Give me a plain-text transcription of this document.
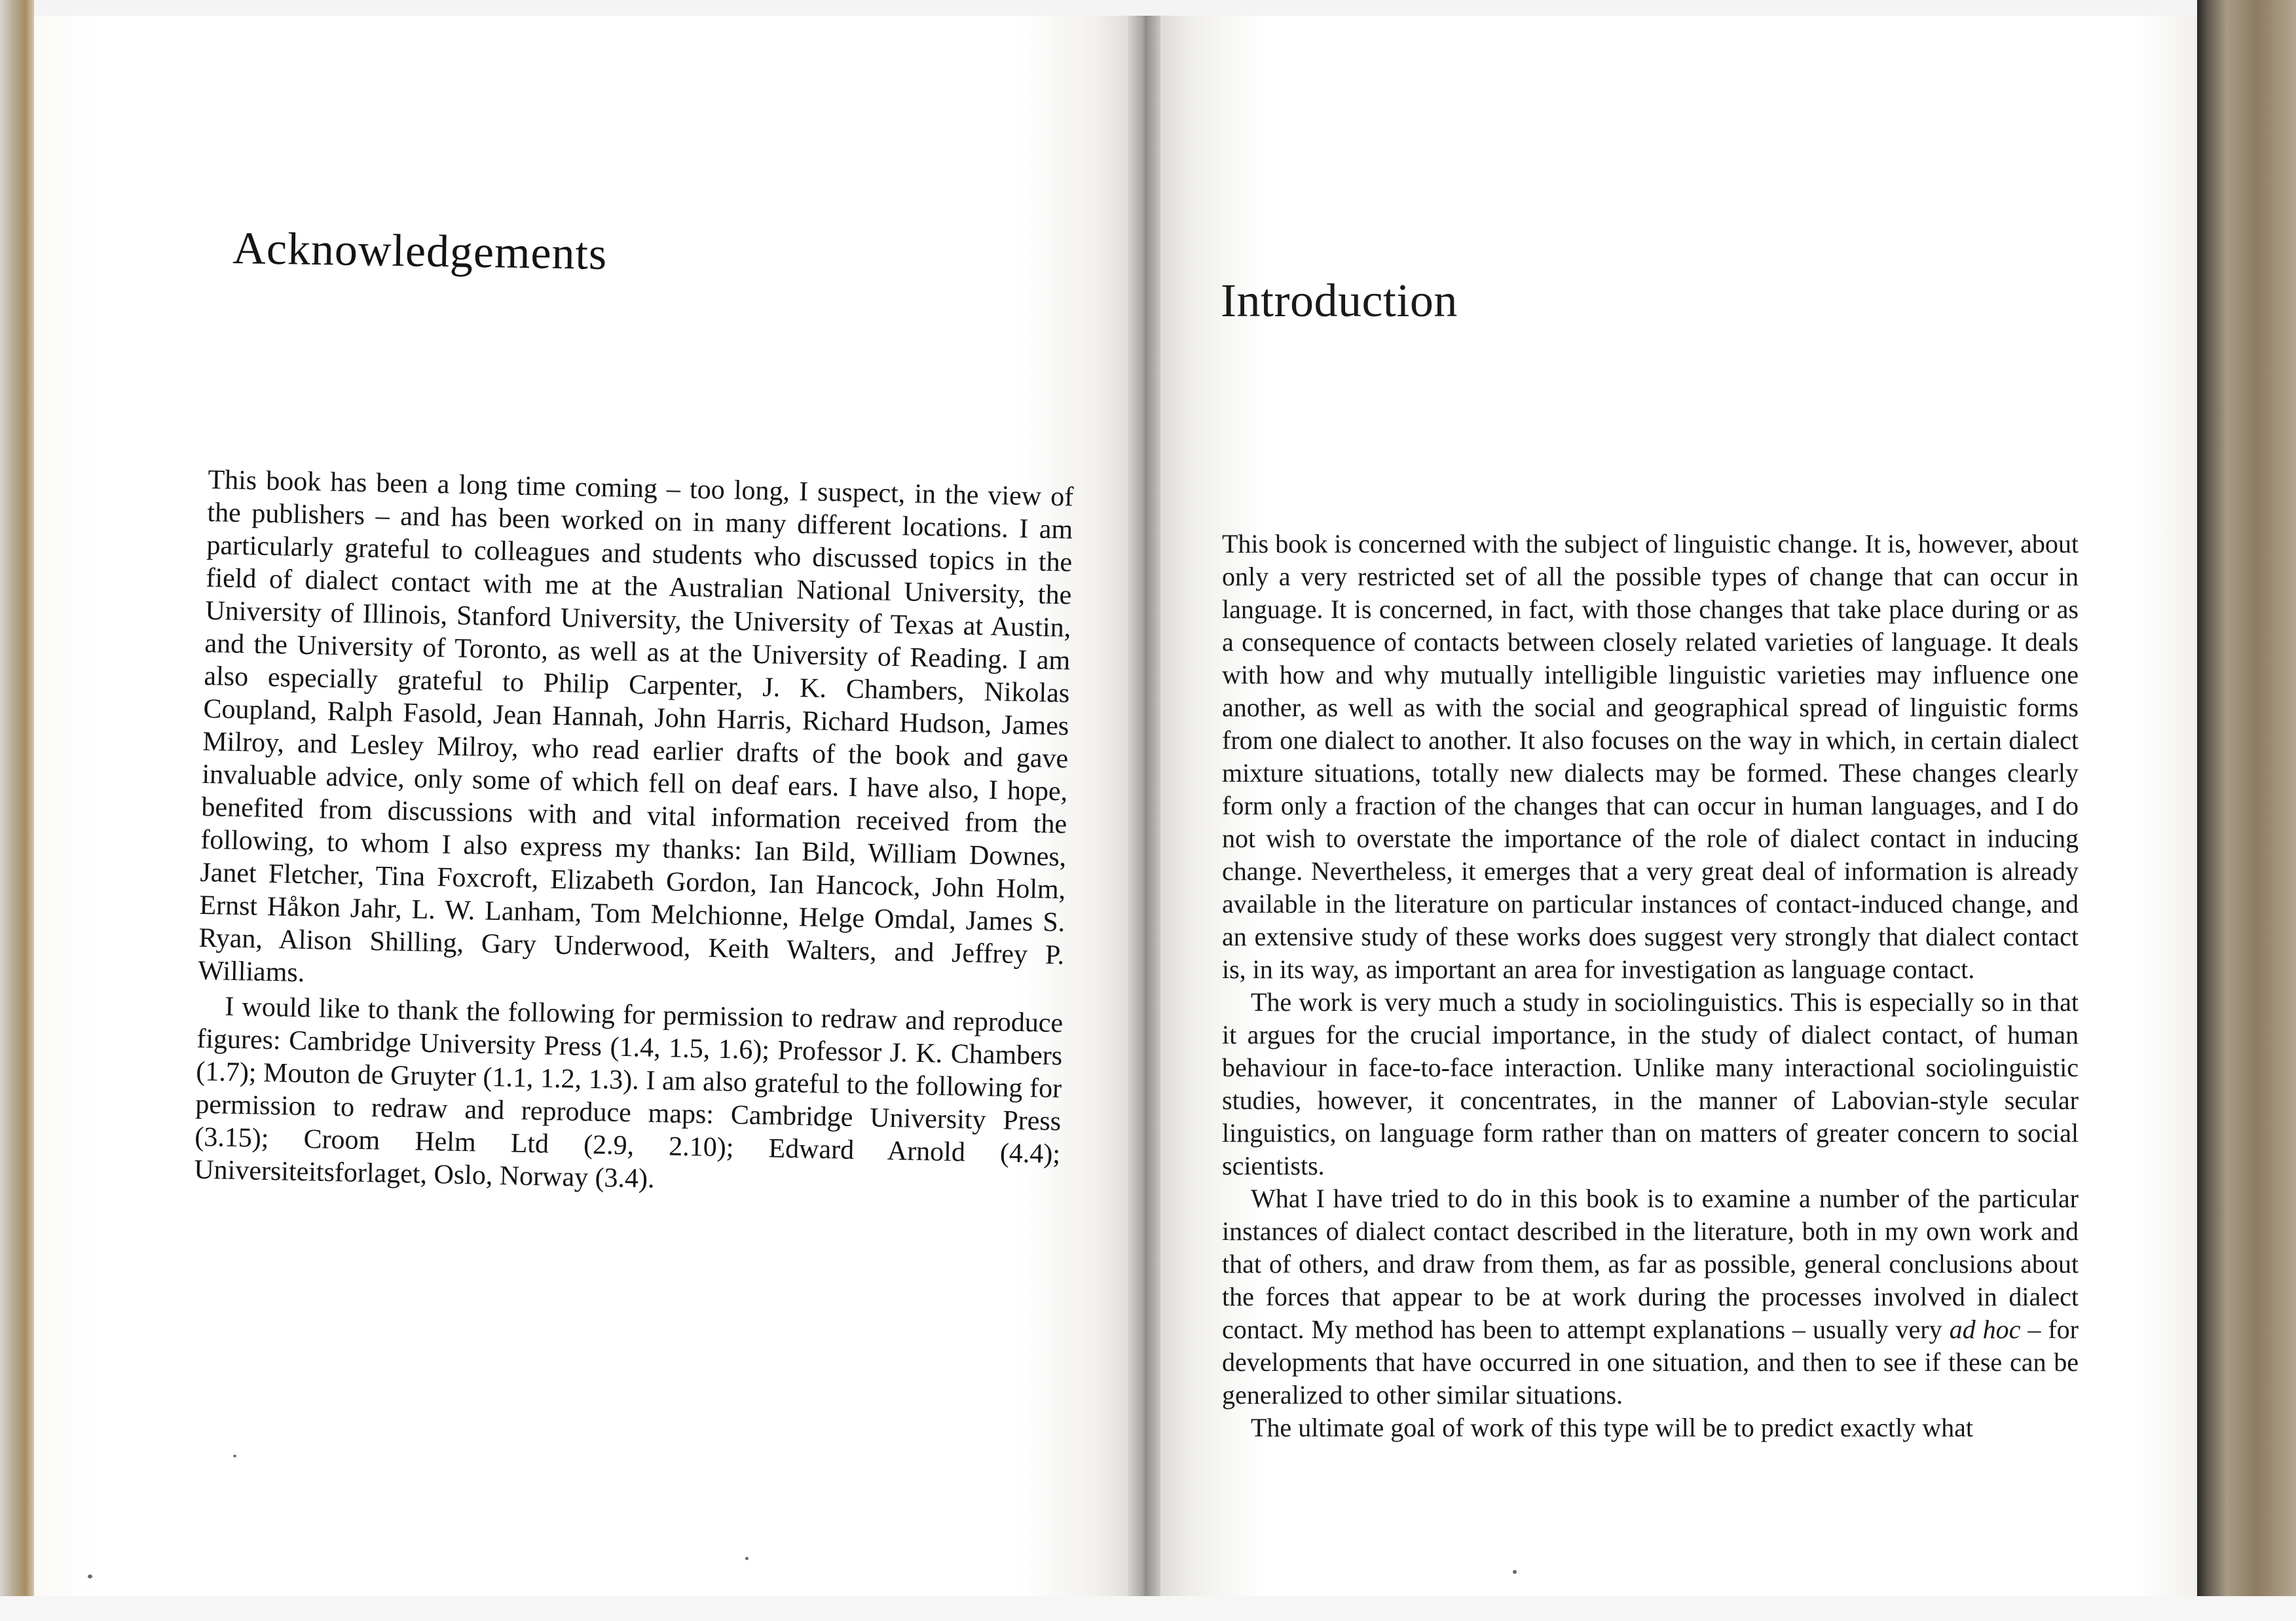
Acknowledgements

This book has been a long time coming – too long, I suspect, in the view of the publishers – and has been worked on in many different locations. I am particularly grateful to colleagues and students who discussed topics in the field of dialect contact with me at the Australian National University, the University of Illinois, Stanford University, the University of Texas at Austin, and the University of Toronto, as well as at the University of Reading. I am also especially grateful to Philip Carpenter, J. K. Chambers, Nikolas Coupland, Ralph Fasold, Jean Hannah, John Harris, Richard Hudson, James Milroy, and Lesley Milroy, who read earlier drafts of the book and gave invaluable advice, only some of which fell on deaf ears. I have also, I hope, benefited from discussions with and vital information received from the following, to whom I also express my thanks: Ian Bild, William Downes, Janet Fletcher, Tina Foxcroft, Elizabeth Gordon, Ian Hancock, John Holm, Ernst Håkon Jahr, L. W. Lanham, Tom Melchionne, Helge Omdal, James S. Ryan, Alison Shilling, Gary Underwood, Keith Walters, and Jeffrey P. Williams.

I would like to thank the following for permission to redraw and reproduce figures: Cambridge University Press (1.4, 1.5, 1.6); Professor J. K. Chambers (1.7); Mouton de Gruyter (1.1, 1.2, 1.3). I am also grateful to the following for permission to redraw and reproduce maps: Cambridge University Press (3.15); Croom Helm Ltd (2.9, 2.10); Edward Arnold (4.4); Universiteitsforlaget, Oslo, Norway (3.4).

Introduction

This book is concerned with the subject of linguistic change. It is, however, about only a very restricted set of all the possible types of change that can occur in language. It is concerned, in fact, with those changes that take place during or as a consequence of contacts between closely related varieties of language. It deals with how and why mutually intelligible linguistic varieties may influence one another, as well as with the social and geographical spread of linguistic forms from one dialect to another. It also focuses on the way in which, in certain dialect mixture situations, totally new dialects may be formed. These changes clearly form only a fraction of the changes that can occur in human languages, and I do not wish to overstate the importance of the role of dialect contact in inducing change. Nevertheless, it emerges that a very great deal of information is already available in the literature on particular instances of contact-induced change, and an extensive study of these works does suggest very strongly that dialect contact is, in its way, as important an area for investigation as language contact.

The work is very much a study in sociolinguistics. This is especially so in that it argues for the crucial importance, in the study of dialect contact, of human behaviour in face-to-face interaction. Unlike many interactional sociolinguistic studies, however, it concentrates, in the manner of Labovian-style secular linguistics, on language form rather than on matters of greater concern to social scientists.

What I have tried to do in this book is to examine a number of the particular instances of dialect contact described in the literature, both in my own work and that of others, and draw from them, as far as possible, general conclusions about the forces that appear to be at work during the processes involved in dialect contact. My method has been to attempt explanations – usually very ad hoc – for developments that have occurred in one situation, and then to see if these can be generalized to other similar situations.

The ultimate goal of work of this type will be to predict exactly what
